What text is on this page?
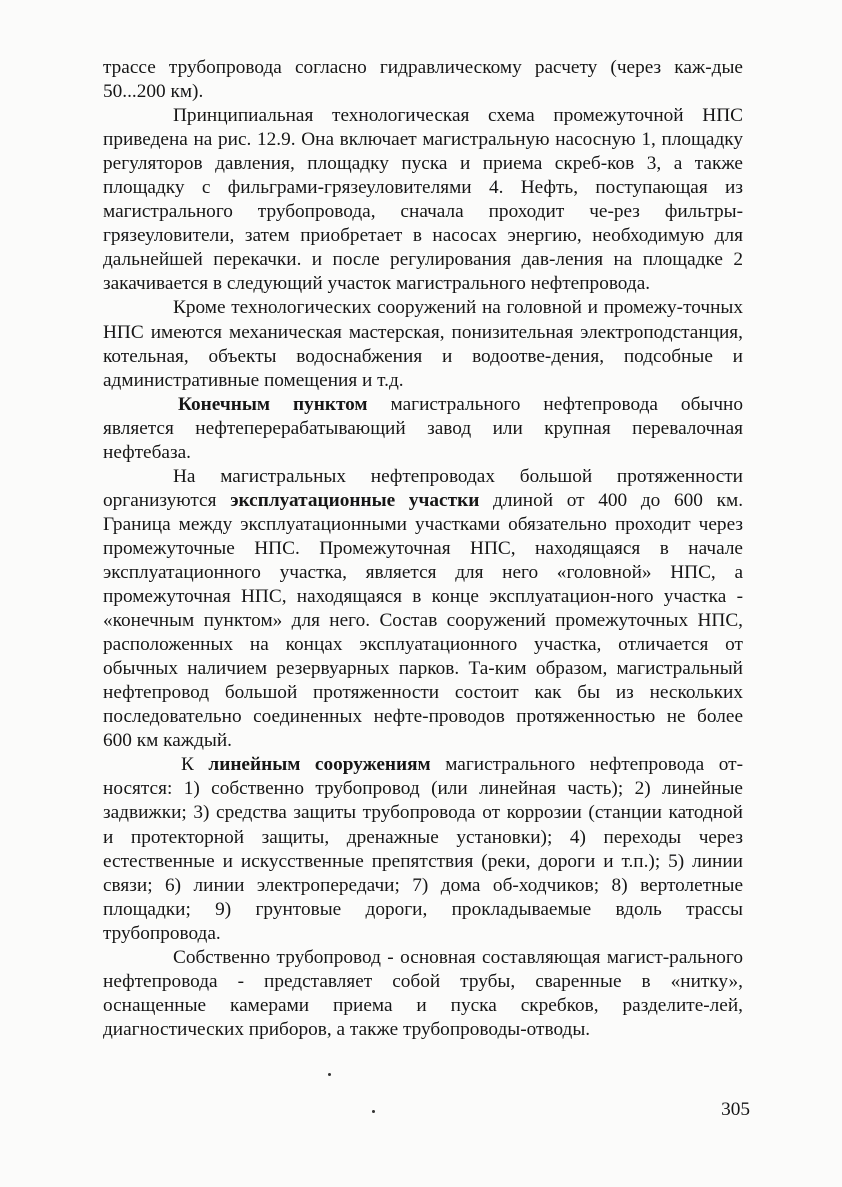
трассе трубопровода согласно гидравлическому расчету (через каж-дые 50...200 км).

Принципиальная технологическая схема промежуточной НПС приведена на рис. 12.9. Она включает магистральную насосную 1, площадку регуляторов давления, площадку пуска и приема скреб-ков 3, а также площадку с фильграми-грязеуловителями 4. Нефть, поступающая из магистрального трубопровода, сначала проходит че-рез фильтры-грязеуловители, затем приобретает в насосах энергию, необходимую для дальнейшей перекачки. и после регулирования дав-ления на площадке 2 закачивается в следующий участок магистрального нефтепровода.

Кроме технологических сооружений на головной и промежу-точных НПС имеются механическая мастерская, понизительная электроподстанция, котельная, объекты водоснабжения и водоотве-дения, подсобные и административные помещения и т.д.

Конечным пунктом магистрального нефтепровода обычно является нефтеперерабатывающий завод или крупная перевалочная нефтебаза.

На магистральных нефтепроводах большой протяженности организуются эксплуатационные участки длиной от 400 до 600 км. Граница между эксплуатационными участками обязательно проходит через промежуточные НПС. Промежуточная НПС, находящаяся в начале эксплуатационного участка, является для него «головной» НПС, а промежуточная НПС, находящаяся в конце эксплуатацион-ного участка - «конечным пунктом» для него. Состав сооружений промежуточных НПС, расположенных на концах эксплуатационного участка, отличается от обычных наличием резервуарных парков. Та-ким образом, магистральный нефтепровод большой протяженности состоит как бы из нескольких последовательно соединенных нефте-проводов протяженностью не более 600 км каждый.

К линейным сооружениям магистрального нефтепровода от-носятся: 1) собственно трубопровод (или линейная часть); 2) линейные задвижки; 3) средства защиты трубопровода от коррозии (станции катодной и протекторной защиты, дренажные установки); 4) переходы через естественные и искусственные препятствия (реки, дороги и т.п.); 5) линии связи; 6) линии электропередачи; 7) дома об-ходчиков; 8) вертолетные площадки; 9) грунтовые дороги, прокладываемые вдоль трассы трубопровода.

Собственно трубопровод - основная составляющая магист-рального нефтепровода - представляет собой трубы, сваренные в «нитку», оснащенные камерами приема и пуска скребков, разделите-лей, диагностических приборов, а также трубопроводы-отводы.

305
